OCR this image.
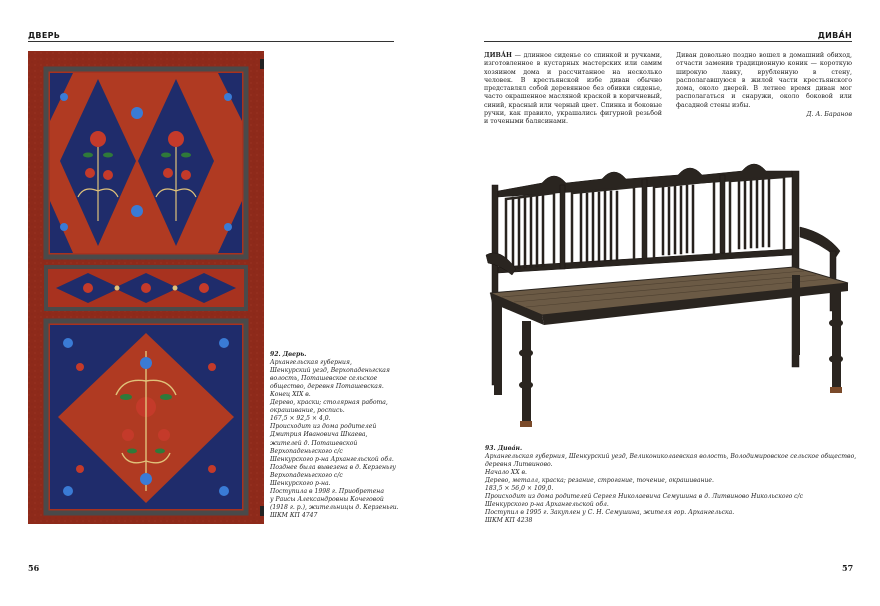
ДВЕРЬ
92. Дверь.
Архангельская губерния,
Шенкурский уезд, Верхопаденьгская
волость, Поташевское сельское
общество, деревня Поташевская.
Конец XIX в.
Дерево, краски; столярная работа,
окрашивание, роспись.
167,5 × 92,5 × 4,0.
Происходит из дома родителей
Дмитрия Ивановича Шкаева,
жителей д. Поташевской
Верхопаденьгского с/с
Шенкурского р-на Архангельской обл.
Позднее была вывезена в д. Керзеньгу
Верхопаденьгского с/с
Шенкурского р-на.
Поступила в 1998 г. Приобретена
у Раисы Александровны Кочеговой
(1918 г. р.), жительницы д. Керзеньги.
ШКМ КП 4747
56
ДИВА́Н
ДИВА́Н — длинное сиденье со спинкой и ручками, изготовленное в кустарных мастерских или самим хозяином дома и рассчитанное на несколько человек. В крестьянской избе диван обычно представлял собой деревянное без обивки сиденье, часто окрашенное масляной краской в коричневый, синий, красный или черный цвет. Спинка и боковые ручки, как правило, украшались фигурной резьбой и точеными балясинами.
Диван довольно поздно вошел в домашний обиход, отчасти заменив традиционную коник — короткую широкую лавку, врубленную в стену, располагавшуюся в жилой части крестьянского дома, около дверей. В летнее время диван мог располагаться и снаружи, около боковой или фасадной стены избы.
Д. А. Баранов
93. Дива́н.
Архангельская губерния, Шенкурский уезд, Великониколаевская волость, Володимировское сельское общество,
деревня Литвиново.
Начало XX в.
Дерево, металл, краска; резание, строгание, точение, окрашивание.
183,5 × 56,0 × 109,0.
Происходит из дома родителей Сергея Николаевича Семушина в д. Литвиново Никольского с/с
Шенкурского р-на Архангельской обл.
Поступил в 1995 г. Закуплен у С. Н. Семушина, жителя гор. Архангельска.
ШКМ КП 4238
57
